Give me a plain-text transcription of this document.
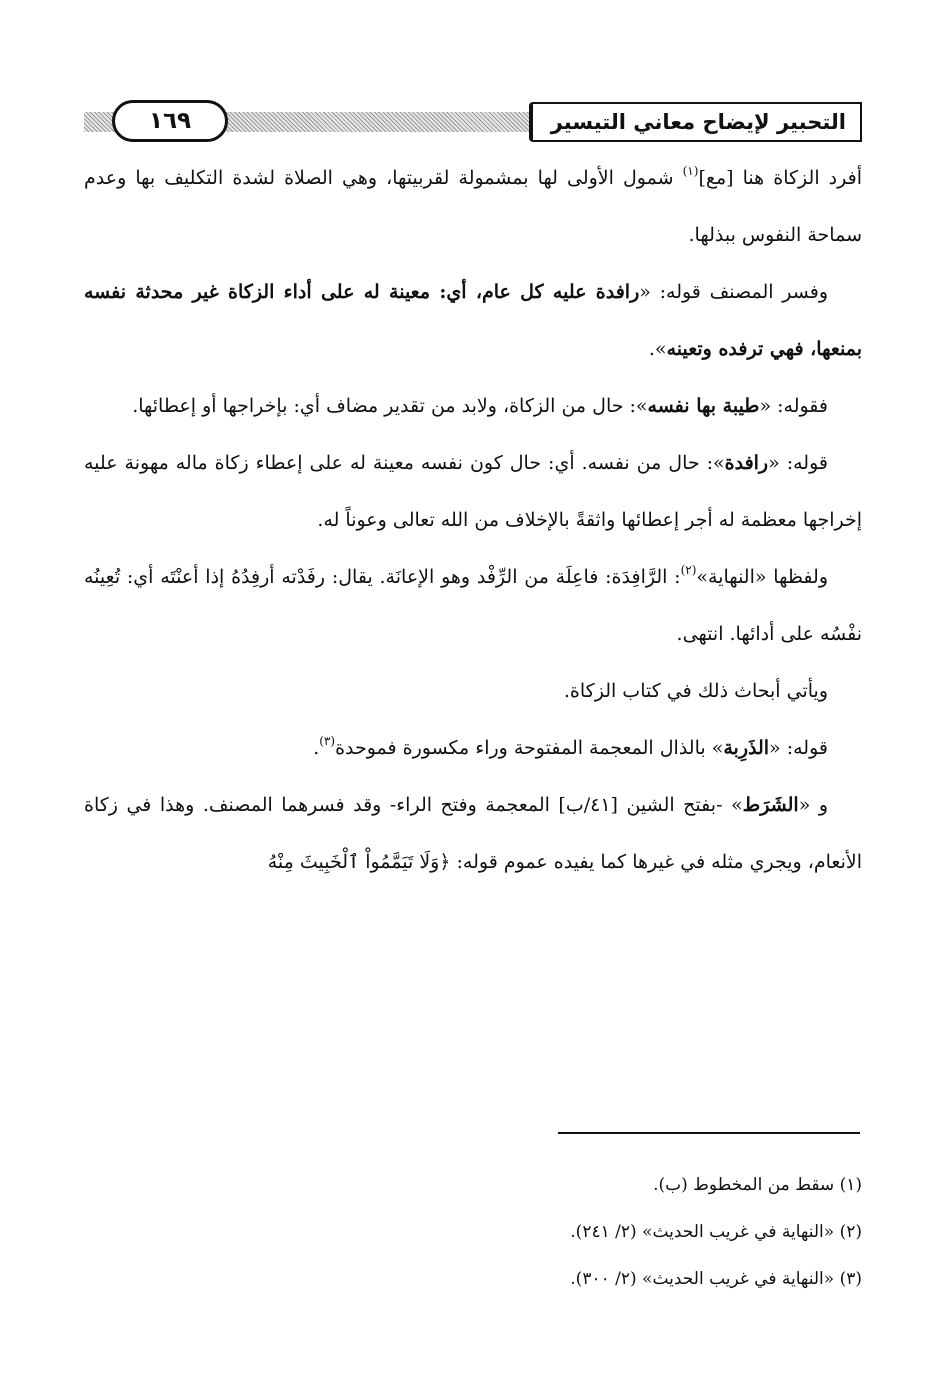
التحبير لإيضاح معاني التيسير
١٦٩

أفرد الزكاة هنا [مع]$^{(١)}$ شمول الأولى لها بمشمولة لقربيتها، وهي الصلاة لشدة التكليف بها وعدم سماحة النفوس ببذلها.

وفسر المصنف قوله: «رافدة عليه كل عام، أي: معينة له على أداء الزكاة غير محدثة نفسه بمنعها، فهي ترفده وتعينه».

فقوله: «طيبة بها نفسه»: حال من الزكاة، ولابد من تقدير مضاف أي: بإخراجها أو إعطائها.

قوله: «رافدة»: حال من نفسه. أي: حال كون نفسه معينة له على إعطاء زكاة ماله مهونة عليه إخراجها معظمة له أجر إعطائها واثقةً بالإخلاف من الله تعالى وعوناً له.

ولفظها «النهاية»$^{(٢)}$: الرَّافِدَة: فاعِلَة من الرِّفْد وهو الإعانَة. يقال: رفَدْته أرفِدُهُ إذا أعنْتَه أي: تُعِينُه نفْسُه على أدائها. انتهى.

ويأتي أبحاث ذلك في كتاب الزكاة.

قوله: «الذَرِبة» بالذال المعجمة المفتوحة وراء مكسورة فموحدة$^{(٣)}$.

و «الشَرَط» -بفتح الشين [٤١/ب] المعجمة وفتح الراء- وقد فسرهما المصنف. وهذا في زكاة الأنعام، ويجري مثله في غيرها كما يفيده عموم قوله: ﴿وَلَا تَيَمَّمُواْ ٱلْخَبِيثَ مِنْهُ

(١) سقط من المخطوط (ب).

(٢) «النهاية في غريب الحديث» (٢/ ٢٤١).

(٣) «النهاية في غريب الحديث» (٢/ ٣٠٠).
